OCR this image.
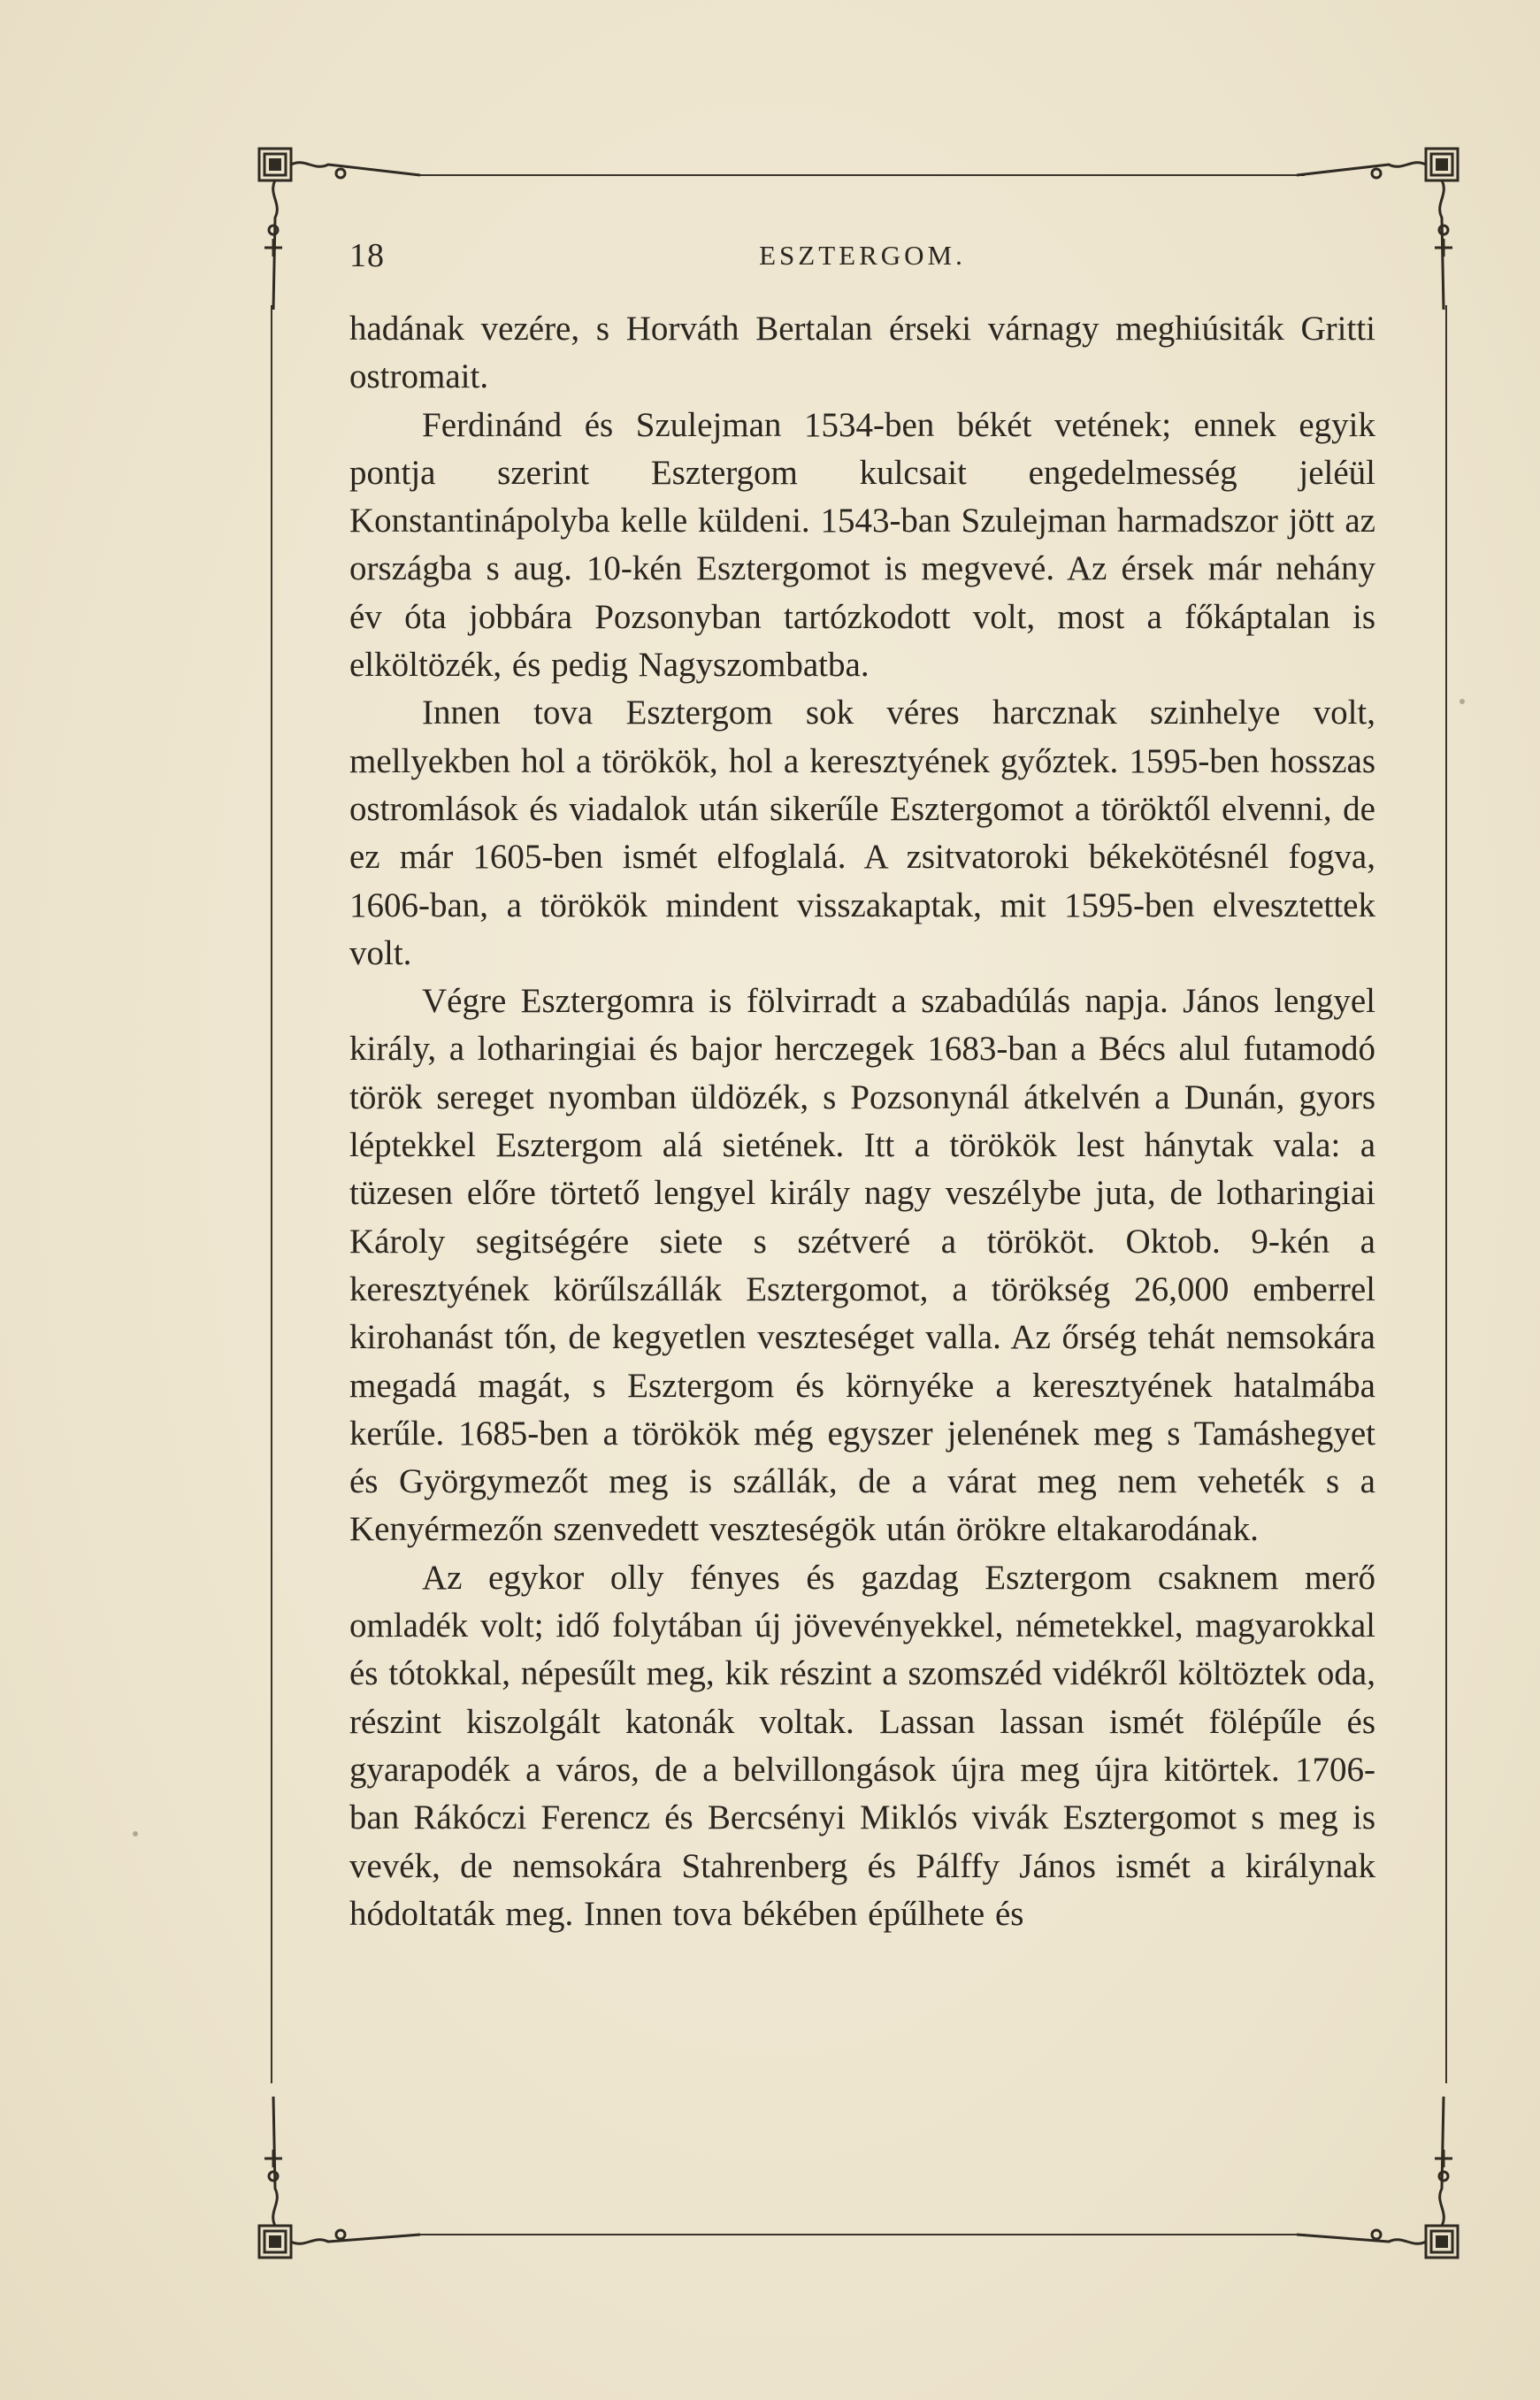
18	ESZTERGOM.

hadának vezére, s Horváth Bertalan érseki várnagy meghiúsiták Gritti ostromait.

Ferdinánd és Szulejman 1534-ben békét vetének; ennek egyik pontja szerint Esztergom kulcsait engedelmesség jeléül Konstantinápolyba kelle küldeni. 1543-ban Szulejman harmadszor jött az országba s aug. 10-kén Esztergomot is megvevé. Az érsek már nehány év óta jobbára Pozsonyban tartózkodott volt, most a főkáptalan is elköltözék, és pedig Nagyszombatba.

Innen tova Esztergom sok véres harcznak szinhelye volt, mellyekben hol a törökök, hol a keresztyének győztek. 1595-ben hosszas ostromlások és viadalok után sikerűle Esztergomot a töröktől elvenni, de ez már 1605-ben ismét elfoglalá. A zsitvatoroki békekötésnél fogva, 1606-ban, a törökök mindent visszakaptak, mit 1595-ben elvesztettek volt.

Végre Esztergomra is fölvirradt a szabadúlás napja. János lengyel király, a lotharingiai és bajor herczegek 1683-ban a Bécs alul futamodó török sereget nyomban üldözék, s Pozsonynál átkelvén a Dunán, gyors léptekkel Esztergom alá sietének. Itt a törökök lest hánytak vala: a tüzesen előre törtető lengyel király nagy veszélybe juta, de lotharingiai Károly segitségére siete s szétveré a törököt. Oktob. 9-kén a keresztyének körűlszállák Esztergomot, a törökség 26,000 emberrel kirohanást tőn, de kegyetlen veszteséget valla. Az őrség tehát nemsokára megadá magát, s Esztergom és környéke a keresztyének hatalmába kerűle. 1685-ben a törökök még egyszer jelenének meg s Tamáshegyet és Györgymezőt meg is szállák, de a várat meg nem veheték s a Kenyérmezőn szenvedett veszteségök után örökre eltakarodának.

Az egykor olly fényes és gazdag Esztergom csaknem merő omladék volt; idő folytában új jövevényekkel, németekkel, magyarokkal és tótokkal, népesűlt meg, kik részint a szomszéd vidékről költöztek oda, részint kiszolgált katonák voltak. Lassan lassan ismét fölépűle és gyarapodék a város, de a belvillongások újra meg újra kitörtek. 1706-ban Rákóczi Ferencz és Bercsényi Miklós vivák Esztergomot s meg is vevék, de nemsokára Stahrenberg és Pálffy János ismét a királynak hódoltaták meg. Innen tova békében épűlhete és
